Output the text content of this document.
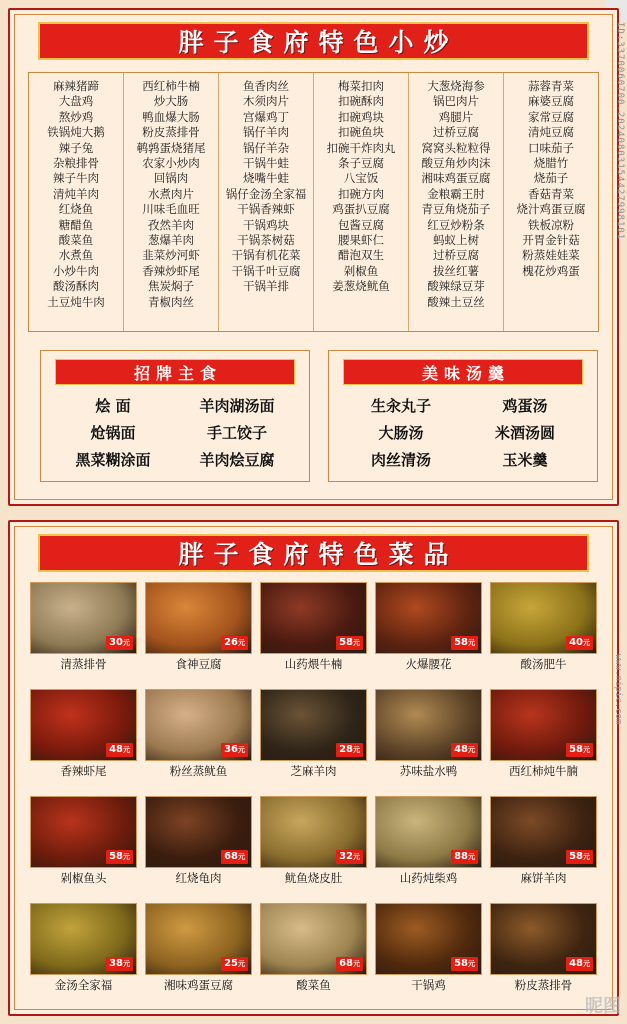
胖子食府特色小炒
麻辣猪蹄
大盘鸡
熬炒鸡
铁锅炖大鹅
辣子兔
杂粮排骨
辣子牛肉
清炖羊肉
红烧鱼
糖醋鱼
酸菜鱼
水煮鱼
小炒牛肉
酸汤酥肉
土豆炖牛肉
西红柿牛楠
炒大肠
鸭血爆大肠
粉皮蒸排骨
鹌鹑蛋烧猪尾
农家小炒肉
回锅肉
水煮肉片
川味毛血旺
孜然羊肉
葱爆羊肉
韭菜炒河虾
香辣炒虾尾
焦炭焖子
青椒肉丝
鱼香肉丝
木须肉片
宫爆鸡丁
锅仔羊肉
锅仔羊杂
干锅牛蛙
烧嘴牛蛙
锅仔金汤全家福
干锅香辣虾
干锅鸡块
干锅茶树菇
干锅有机花菜
干锅千叶豆腐
干锅羊排
梅菜扣肉
扣碗酥肉
扣碗鸡块
扣碗鱼块
扣碗干炸肉丸
条子豆腐
八宝饭
扣碗方肉
鸡蛋扒豆腐
包酱豆腐
腰果虾仁
醋泡双生
剁椒鱼
姜葱烧鱿鱼
大葱烧海参
锅巴肉片
鸡腿片
过桥豆腐
窝窝头粒粒得
酸豆角炒肉沫
湘味鸡蛋豆腐
金粮霸王肘
青豆角烧茄子
红豆炒粉条
蚂蚁上树
过桥豆腐
拔丝红薯
酸辣绿豆芽
酸辣土豆丝
蒜蓉青菜
麻婆豆腐
家常豆腐
清炖豆腐
口味茄子
烧腊竹
烧茄子
香菇青菜
烧汁鸡蛋豆腐
铁板凉粉
开胃金针菇
粉蒸娃娃菜
槐花炒鸡蛋
招牌主食
烩 面	羊肉湖汤面
炝锅面	手工饺子
黑菜糊涂面	羊肉烩豆腐
美味汤羹
生汆丸子	鸡蛋汤
大肠汤	米酒汤圆
肉丝清汤	玉米羹
胖子食府特色菜品
30元
清蒸排骨
26元
食神豆腐
58元
山药煨牛楠
58元
火爆腰花
40元
酸汤肥牛
48元
香辣虾尾
36元
粉丝蒸鱿鱼
28元
芝麻羊肉
48元
苏味盐水鸭
58元
西红柿炖牛腩
58元
剁椒鱼头
68元
红烧龟肉
32元
鱿鱼烧皮肚
88元
山药炖柴鸡
58元
麻饼羊肉
38元
金汤全家福
25元
湘味鸡蛋豆腐
68元
酸菜鱼
58元
干锅鸡
48元
粉皮蒸排骨
ID:3370060700.20240803154427998101
www.nipic.com
昵图
